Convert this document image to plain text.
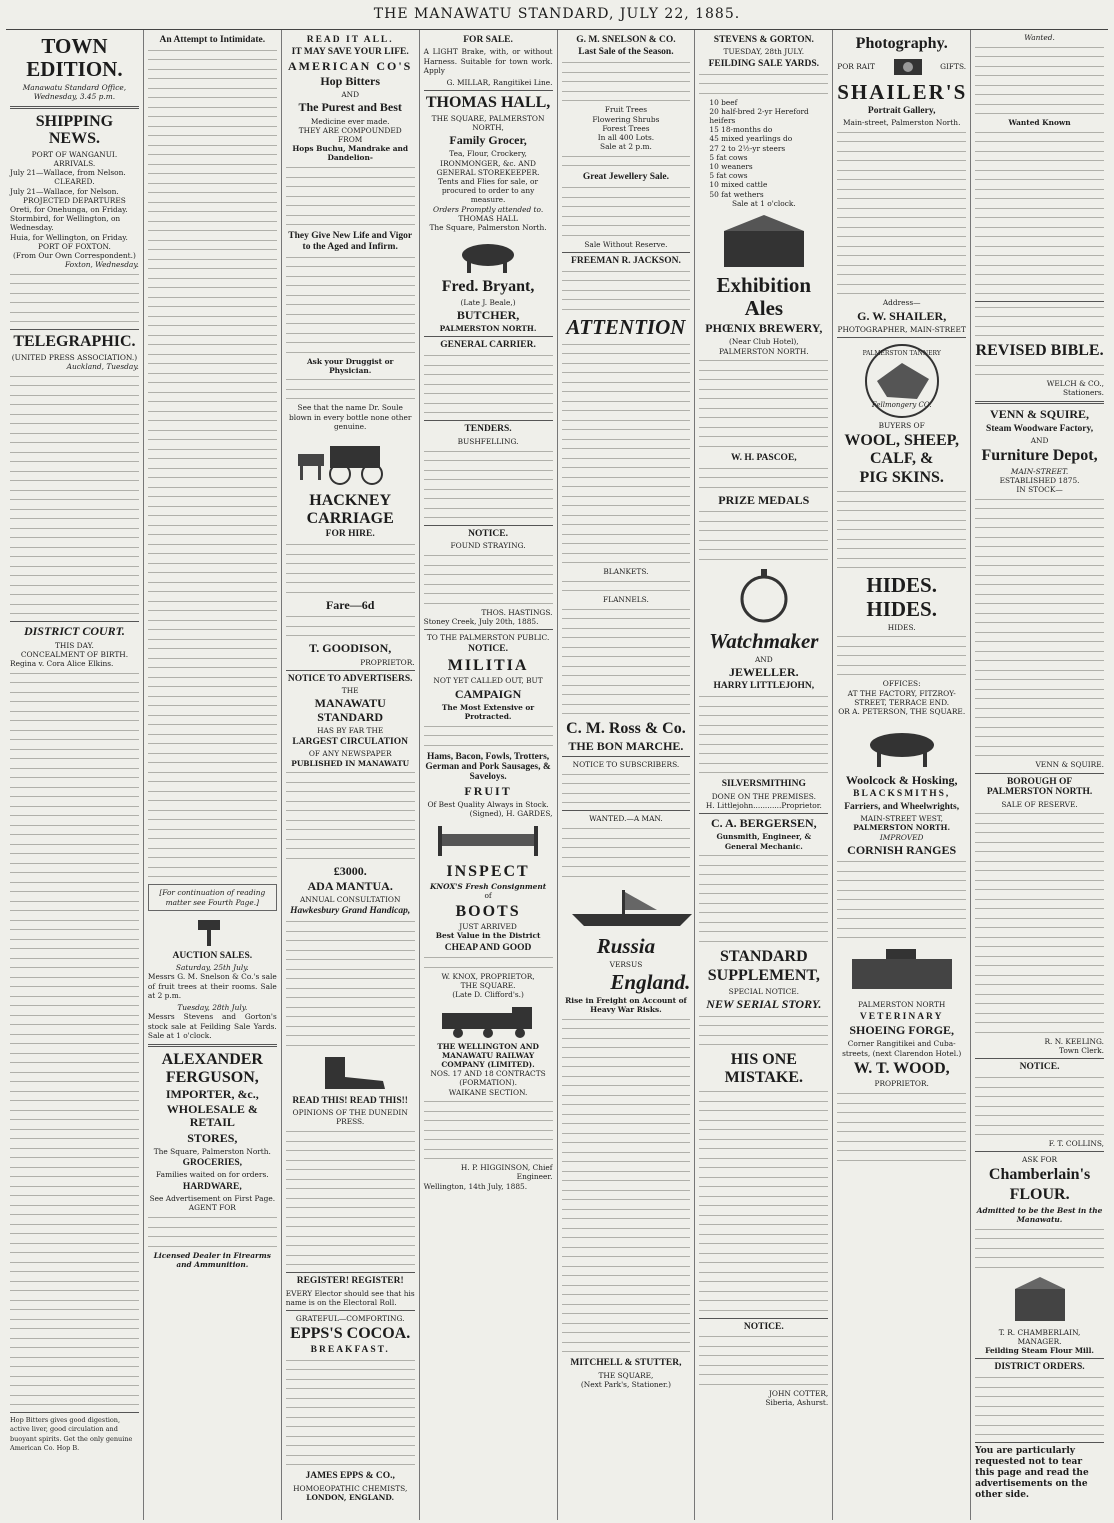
THE MANAWATU STANDARD, JULY 22, 1885.
TOWN EDITION.
Manawatu Standard Office, Wednesday, 3.45 p.m.
SHIPPING NEWS.
PORT OF WANGANUI.
ARRIVALS.
July 21—Wallace, from Nelson.
CLEARED.
July 21—Wallace, for Nelson.
PROJECTED DEPARTURES
Oreti, for Onehunga, on Friday.
Stormbird, for Wellington, on Wednesday.
Huia, for Wellington, on Friday.
PORT OF FOXTON.
(From Our Own Correspondent.)
Foxton, Wednesday.
TELEGRAPHIC.
(UNITED PRESS ASSOCIATION.)
Auckland, Tuesday.
DISTRICT COURT.
THIS DAY.
CONCEALMENT OF BIRTH.
Regina v. Cora Alice Elkins.
Hop Bitters gives good digestion, active liver, good circulation and buoyant spirits. Get the only genuine American Co. Hop B.
An Attempt to Intimidate.
[For continuation of reading matter see Fourth Page.]
AUCTION SALES.
Saturday, 25th July.

Messrs G. M. Snelson & Co.'s sale of fruit trees at their rooms. Sale at 2 p.m.

Tuesday, 28th July.

Messrs Stevens and Gorton's stock sale at Feilding Sale Yards. Sale at 1 o'clock.

ALEXANDER FERGUSON,
IMPORTER, &c.,
WHOLESALE & RETAIL
STORES,
The Square, Palmerston North.
GROCERIES,
Families waited on for orders.
HARDWARE,
See Advertisement on First Page.
AGENT FOR
Licensed Dealer in Firearms and Ammunition.
READ IT ALL.
IT MAY SAVE YOUR LIFE.
AMERICAN CO'S
Hop Bitters
AND
The Purest and Best
Medicine ever made.
THEY ARE COMPOUNDED FROM
Hops Buchu, Mandrake and Dandelion-
They Give New Life and Vigor to the Aged and Infirm.
Ask your Druggist or Physician.
See that the name Dr. Soule blown in every bottle none other genuine.
HACKNEY CARRIAGE
FOR HIRE.
Fare—6d
T. GOODISON,
PROPRIETOR.
NOTICE TO ADVERTISERS.
THE
MANAWATU STANDARD
HAS BY FAR THE
LARGEST CIRCULATION
OF ANY NEWSPAPER
PUBLISHED IN MANAWATU
£3000.
ADA MANTUA.
ANNUAL CONSULTATION
Hawkesbury Grand Handicap,
READ THIS! READ THIS!!
OPINIONS OF THE DUNEDIN PRESS.
REGISTER! REGISTER!

EVERY Elector should see that his name is on the Electoral Roll.

GRATEFUL—COMFORTING.
EPPS'S COCOA.
BREAKFAST.
JAMES EPPS & CO.,
HOMOEOPATHIC CHEMISTS,
LONDON, ENGLAND.
FOR SALE.

A LIGHT Brake, with, or without Harness. Suitable for town work. Apply

G. MILLAR, Rangitikei Line.
THOMAS HALL,
THE SQUARE, PALMERSTON NORTH,
Family Grocer,
Tea, Flour, Crockery,
IRONMONGER, &c. AND GENERAL STOREKEEPER.
Tents and Flies for sale, or procured to order to any measure.
Orders Promptly attended to.
THOMAS HALL
The Square, Palmerston North.
Fred. Bryant,
(Late J. Beale,)
BUTCHER,
PALMERSTON NORTH.
GENERAL CARRIER.
TENDERS.
BUSHFELLING.
NOTICE.
FOUND STRAYING.
THOS. HASTINGS.
Stoney Creek, July 20th, 1885.
TO THE PALMERSTON PUBLIC.
NOTICE.
MILITIA
NOT YET CALLED OUT, BUT
CAMPAIGN
The Most Extensive or Protracted.
Hams, Bacon, Fowls, Trotters, German and Pork Sausages, & Saveloys.
FRUIT
Of Best Quality Always in Stock.
(Signed), H. GARDES,
INSPECT
KNOX'S Fresh Consignment
of
BOOTS
JUST ARRIVED
Best Value in the District
CHEAP AND GOOD
W. KNOX, PROPRIETOR,
THE SQUARE.
(Late D. Clifford's.)
THE WELLINGTON AND MANAWATU RAILWAY COMPANY (LIMITED).
NOS. 17 AND 18 CONTRACTS (FORMATION).
WAIKANE SECTION.
H. P. HIGGINSON, Chief Engineer.
Wellington, 14th July, 1885.
G. M. SNELSON & CO.
Last Sale of the Season.
Fruit Trees
Flowering Shrubs
Forest Trees
In all 400 Lots.
Sale at 2 p.m.
Great Jewellery Sale.
Sale Without Reserve.
FREEMAN R. JACKSON.
ATTENTION
BLANKETS.
FLANNELS.
C. M. Ross & Co.
THE BON MARCHE.
NOTICE TO SUBSCRIBERS.
WANTED.—A MAN.
Russia
VERSUS
England.
Rise in Freight on Account of Heavy War Risks.
MITCHELL & STUTTER,
THE SQUARE,
(Next Park's, Stationer.)
STEVENS & GORTON.
TUESDAY, 28th JULY.
FEILDING SALE YARDS.
10 beef
20 half-bred 2-yr Hereford heifers
15 18-months do
45 mixed yearlings do
27 2 to 2½-yr steers
5 fat cows
10 weaners
5 fat cows
10 mixed cattle
50 fat wethers
Sale at 1 o'clock.
Exhibition Ales
PHŒNIX BREWERY,
(Near Club Hotel),
PALMERSTON NORTH.
W. H. PASCOE,
PRIZE MEDALS
Watchmaker
AND
JEWELLER.
HARRY LITTLEJOHN,
SILVERSMITHING
DONE ON THE PREMISES.
H. Littlejohn............Proprietor.
C. A. BERGERSEN,
Gunsmith, Engineer, & General Mechanic.
STANDARD
SUPPLEMENT,
SPECIAL NOTICE.
NEW SERIAL STORY.
HIS ONE MISTAKE.
NOTICE.
JOHN COTTER,
Siberia, Ashurst.
Photography.
POR RAIT	GIFTS.
SHAILER'S
Portrait Gallery,
Main-street, Palmerston North.
Address—
G. W. SHAILER,
PHOTOGRAPHER, MAIN-STREET
PALMERSTON TANNERY
Fellmongery CO.
BUYERS OF
WOOL, SHEEP, CALF, &
PIG SKINS.
HIDES. HIDES.
HIDES.
OFFICES:
AT THE FACTORY, FITZROY-STREET, TERRACE END.
OR A. PETERSON, THE SQUARE.
Woolcock & Hosking,
BLACKSMITHS,
Farriers, and Wheelwrights,
MAIN-STREET WEST,
PALMERSTON NORTH.
IMPROVED
CORNISH RANGES
PALMERSTON NORTH
VETERINARY
SHOEING FORGE,
Corner Rangitikei and Cuba-streets, (next Clarendon Hotel.)
W. T. WOOD,
PROPRIETOR.
Wanted.
Wanted Known
REVISED BIBLE.
WELCH & CO.,
Stationers.
VENN & SQUIRE,
Steam Woodware Factory,
AND
Furniture Depot,
MAIN-STREET.
ESTABLISHED 1875.
IN STOCK—
VENN & SQUIRE.
BOROUGH OF PALMERSTON NORTH.
SALE OF RESERVE.
R. N. KEELING.
Town Clerk.
NOTICE.
F. T. COLLINS,
ASK FOR
Chamberlain's
FLOUR.
Admitted to be the Best in the Manawatu.
T. R. CHAMBERLAIN,
MANAGER.
Feilding Steam Flour Mill.
DISTRICT ORDERS.
You are particularly requested not to tear this page and read the advertisements on the other side.
